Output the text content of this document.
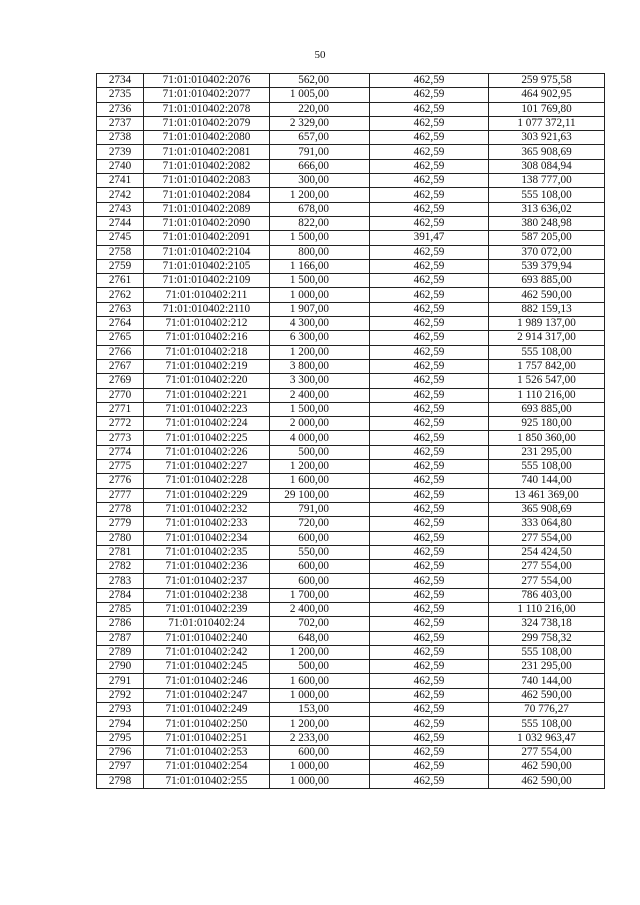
50
2734	71:01:010402:2076	562,00	462,59	259 975,58
2735	71:01:010402:2077	1 005,00	462,59	464 902,95
2736	71:01:010402:2078	220,00	462,59	101 769,80
2737	71:01:010402:2079	2 329,00	462,59	1 077 372,11
2738	71:01:010402:2080	657,00	462,59	303 921,63
2739	71:01:010402:2081	791,00	462,59	365 908,69
2740	71:01:010402:2082	666,00	462,59	308 084,94
2741	71:01:010402:2083	300,00	462,59	138 777,00
2742	71:01:010402:2084	1 200,00	462,59	555 108,00
2743	71:01:010402:2089	678,00	462,59	313 636,02
2744	71:01:010402:2090	822,00	462,59	380 248,98
2745	71:01:010402:2091	1 500,00	391,47	587 205,00
2758	71:01:010402:2104	800,00	462,59	370 072,00
2759	71:01:010402:2105	1 166,00	462,59	539 379,94
2761	71:01:010402:2109	1 500,00	462,59	693 885,00
2762	71:01:010402:211	1 000,00	462,59	462 590,00
2763	71:01:010402:2110	1 907,00	462,59	882 159,13
2764	71:01:010402:212	4 300,00	462,59	1 989 137,00
2765	71:01:010402:216	6 300,00	462,59	2 914 317,00
2766	71:01:010402:218	1 200,00	462,59	555 108,00
2767	71:01:010402:219	3 800,00	462,59	1 757 842,00
2769	71:01:010402:220	3 300,00	462,59	1 526 547,00
2770	71:01:010402:221	2 400,00	462,59	1 110 216,00
2771	71:01:010402:223	1 500,00	462,59	693 885,00
2772	71:01:010402:224	2 000,00	462,59	925 180,00
2773	71:01:010402:225	4 000,00	462,59	1 850 360,00
2774	71:01:010402:226	500,00	462,59	231 295,00
2775	71:01:010402:227	1 200,00	462,59	555 108,00
2776	71:01:010402:228	1 600,00	462,59	740 144,00
2777	71:01:010402:229	29 100,00	462,59	13 461 369,00
2778	71:01:010402:232	791,00	462,59	365 908,69
2779	71:01:010402:233	720,00	462,59	333 064,80
2780	71:01:010402:234	600,00	462,59	277 554,00
2781	71:01:010402:235	550,00	462,59	254 424,50
2782	71:01:010402:236	600,00	462,59	277 554,00
2783	71:01:010402:237	600,00	462,59	277 554,00
2784	71:01:010402:238	1 700,00	462,59	786 403,00
2785	71:01:010402:239	2 400,00	462,59	1 110 216,00
2786	71:01:010402:24	702,00	462,59	324 738,18
2787	71:01:010402:240	648,00	462,59	299 758,32
2789	71:01:010402:242	1 200,00	462,59	555 108,00
2790	71:01:010402:245	500,00	462,59	231 295,00
2791	71:01:010402:246	1 600,00	462,59	740 144,00
2792	71:01:010402:247	1 000,00	462,59	462 590,00
2793	71:01:010402:249	153,00	462,59	70 776,27
2794	71:01:010402:250	1 200,00	462,59	555 108,00
2795	71:01:010402:251	2 233,00	462,59	1 032 963,47
2796	71:01:010402:253	600,00	462,59	277 554,00
2797	71:01:010402:254	1 000,00	462,59	462 590,00
2798	71:01:010402:255	1 000,00	462,59	462 590,00
